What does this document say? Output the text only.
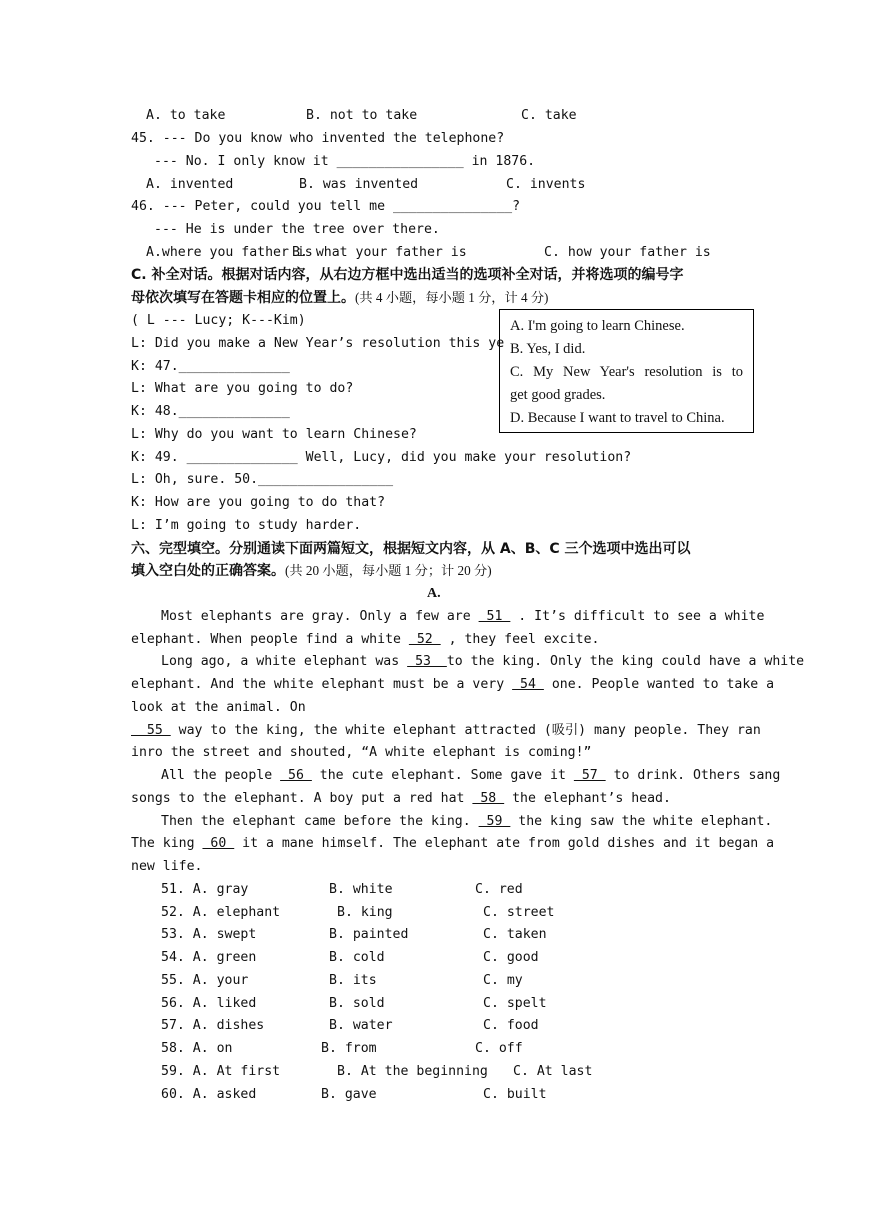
A. to take	B. not to take	C. take
45. --- Do you know who invented the telephone?
--- No. I only know it ________________ in 1876.
A. invented	B. was invented	C. invents
46. --- Peter, could you tell me _______________?
--- He is under the tree over there.
A.where you father is
B. what your father is	C. how your father is
C. 补全对话。根据对话内容，从右边方框中选出适当的选项补全对话，并将选项的编号字
母依次填写在答题卡相应的位置上。(共 4 小题，每小题 1 分，计 4 分)
( L --- Lucy; K---Kim)
L: Did you make a New Year’s resolution this ye
K: 47.______________
L: What are you going to do?
K: 48.______________
L: Why do you want to learn Chinese?
K: 49. ______________ Well, Lucy, did you make your resolution?
L: Oh, sure. 50._________________
K: How are you going to do that?
L: I’m going to study harder.
A. I'm going to learn Chinese.
B. Yes, I did.
C. My New Year's resolution is to
get good grades.
D. Because I want to travel to China.
六、完型填空。分别通读下面两篇短文，根据短文内容，从 A、B、C 三个选项中选出可以
填入空白处的正确答案。(共 20 小题，每小题 1 分；计 20 分)
A.
Most elephants are gray. Only a few are  51  . It’s difficult to see a white
elephant. When people find a white  52  , they feel excite.
Long ago, a white elephant was  53  to the king. Only the king could have a white
elephant. And the white elephant must be a very  54  one. People wanted to take a
look at the animal. On
55  way to the king, the white elephant attracted (吸引) many people. They ran
inro the street and shouted, “A white elephant is coming!”
All the people  56  the cute elephant. Some gave it  57  to drink. Others sang
songs to the elephant. A boy put a red hat  58  the elephant’s head.
Then the elephant came before the king.  59  the king saw the white elephant.
The king  60  it a mane himself. The elephant ate from gold dishes and it began a
new life.
51. A. gray	B. white	C. red
52. A. elephant	B. king	C. street
53. A. swept	B. painted	C. taken
54. A. green	B. cold	C. good
55. A. your	B. its	C. my
56. A. liked	B. sold	C. spelt
57. A. dishes	B. water	C. food
58. A. on	B. from	C. off
59. A. At first	B. At the beginning C. At last
60. A. asked	B. gave	C. built
